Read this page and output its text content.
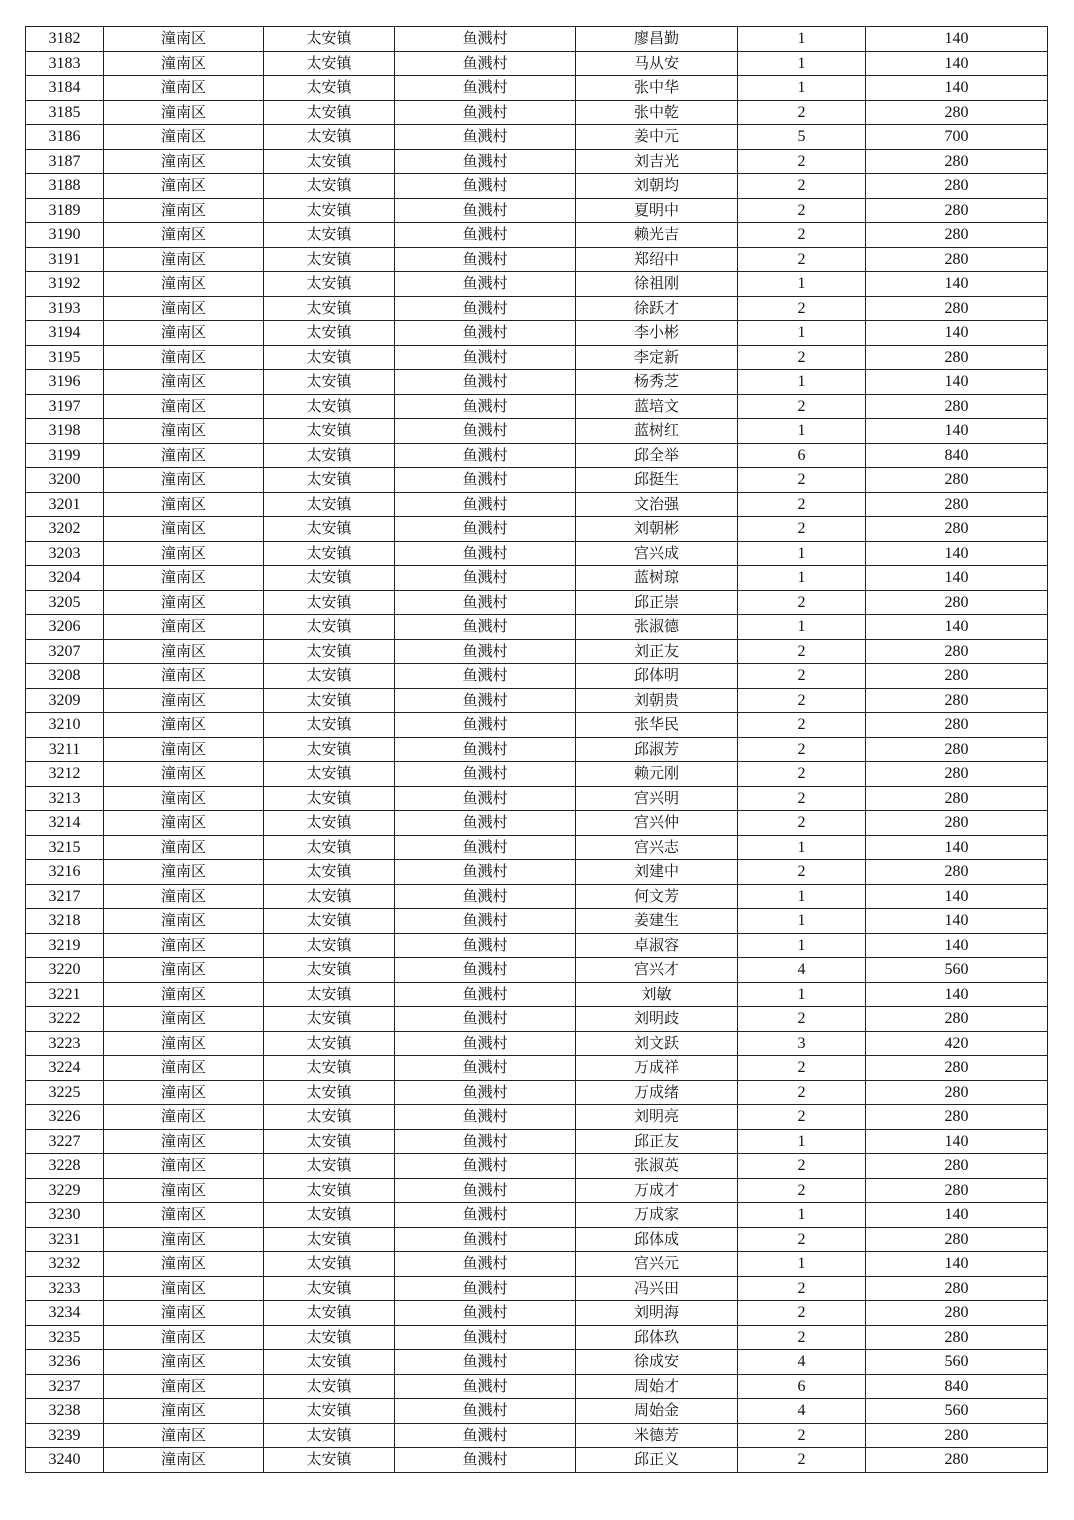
3182	潼南区	太安镇	鱼溅村	廖昌勤	1	140
3183	潼南区	太安镇	鱼溅村	马从安	1	140
3184	潼南区	太安镇	鱼溅村	张中华	1	140
3185	潼南区	太安镇	鱼溅村	张中乾	2	280
3186	潼南区	太安镇	鱼溅村	姜中元	5	700
3187	潼南区	太安镇	鱼溅村	刘吉光	2	280
3188	潼南区	太安镇	鱼溅村	刘朝均	2	280
3189	潼南区	太安镇	鱼溅村	夏明中	2	280
3190	潼南区	太安镇	鱼溅村	赖光吉	2	280
3191	潼南区	太安镇	鱼溅村	郑绍中	2	280
3192	潼南区	太安镇	鱼溅村	徐祖刚	1	140
3193	潼南区	太安镇	鱼溅村	徐跃才	2	280
3194	潼南区	太安镇	鱼溅村	李小彬	1	140
3195	潼南区	太安镇	鱼溅村	李定新	2	280
3196	潼南区	太安镇	鱼溅村	杨秀芝	1	140
3197	潼南区	太安镇	鱼溅村	蓝培文	2	280
3198	潼南区	太安镇	鱼溅村	蓝树红	1	140
3199	潼南区	太安镇	鱼溅村	邱全举	6	840
3200	潼南区	太安镇	鱼溅村	邱挺生	2	280
3201	潼南区	太安镇	鱼溅村	文治强	2	280
3202	潼南区	太安镇	鱼溅村	刘朝彬	2	280
3203	潼南区	太安镇	鱼溅村	宫兴成	1	140
3204	潼南区	太安镇	鱼溅村	蓝树琼	1	140
3205	潼南区	太安镇	鱼溅村	邱正崇	2	280
3206	潼南区	太安镇	鱼溅村	张淑德	1	140
3207	潼南区	太安镇	鱼溅村	刘正友	2	280
3208	潼南区	太安镇	鱼溅村	邱体明	2	280
3209	潼南区	太安镇	鱼溅村	刘朝贵	2	280
3210	潼南区	太安镇	鱼溅村	张华民	2	280
3211	潼南区	太安镇	鱼溅村	邱淑芳	2	280
3212	潼南区	太安镇	鱼溅村	赖元刚	2	280
3213	潼南区	太安镇	鱼溅村	宫兴明	2	280
3214	潼南区	太安镇	鱼溅村	宫兴仲	2	280
3215	潼南区	太安镇	鱼溅村	宫兴志	1	140
3216	潼南区	太安镇	鱼溅村	刘建中	2	280
3217	潼南区	太安镇	鱼溅村	何文芳	1	140
3218	潼南区	太安镇	鱼溅村	姜建生	1	140
3219	潼南区	太安镇	鱼溅村	卓淑容	1	140
3220	潼南区	太安镇	鱼溅村	宫兴才	4	560
3221	潼南区	太安镇	鱼溅村	刘敏	1	140
3222	潼南区	太安镇	鱼溅村	刘明歧	2	280
3223	潼南区	太安镇	鱼溅村	刘文跃	3	420
3224	潼南区	太安镇	鱼溅村	万成祥	2	280
3225	潼南区	太安镇	鱼溅村	万成绪	2	280
3226	潼南区	太安镇	鱼溅村	刘明亮	2	280
3227	潼南区	太安镇	鱼溅村	邱正友	1	140
3228	潼南区	太安镇	鱼溅村	张淑英	2	280
3229	潼南区	太安镇	鱼溅村	万成才	2	280
3230	潼南区	太安镇	鱼溅村	万成家	1	140
3231	潼南区	太安镇	鱼溅村	邱体成	2	280
3232	潼南区	太安镇	鱼溅村	宫兴元	1	140
3233	潼南区	太安镇	鱼溅村	冯兴田	2	280
3234	潼南区	太安镇	鱼溅村	刘明海	2	280
3235	潼南区	太安镇	鱼溅村	邱体玖	2	280
3236	潼南区	太安镇	鱼溅村	徐成安	4	560
3237	潼南区	太安镇	鱼溅村	周始才	6	840
3238	潼南区	太安镇	鱼溅村	周始金	4	560
3239	潼南区	太安镇	鱼溅村	米德芳	2	280
3240	潼南区	太安镇	鱼溅村	邱正义	2	280
